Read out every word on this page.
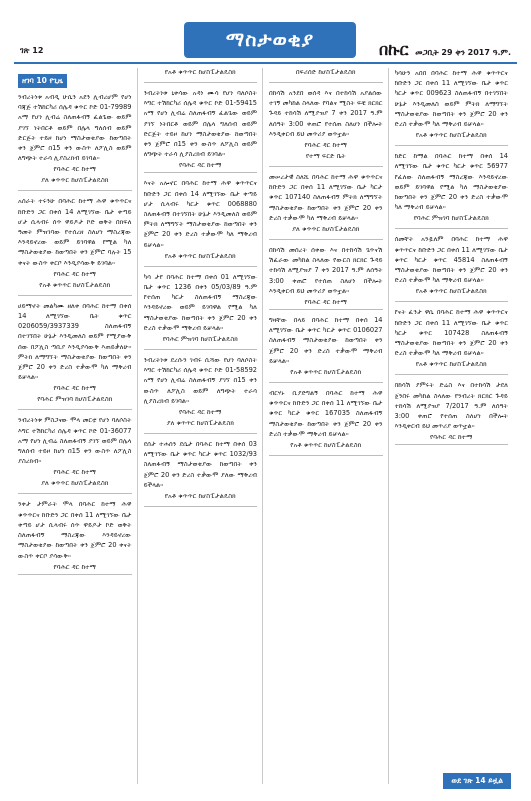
ገጽ 12	ማስታወቂያ	በኩር መጋቢት 29 ቀን 2017 ዓ.ም.
ዘገባ 10 የጊዜ

ንብረትነቱ አብዲ ሁሴን አደን ሊብረሆም የሆነ ባጃጅ ተሽከርካሪ ሰሌዳ ቁጥር ኮድ 01-79989 አማ የሆነ ሊብሬ ስለጠፋብኝ ፈልጌው ወይም ያገኘ ነትበርቶ ወይም በሌላ ግለሰብ ወይም ድርጅት ተይዞ ከሆነ ማስታወቂያው ከወጣበት ቀን ጀምሮ በ15 ቀን ውስጥ ለፖሊስ ወይም ለግጭት ተራሳ ሊያስረክብ ይገባል።

የባሕር ዳር ከተማ

ያለ ቁጥጥር ከሆስፒታልዴስክ

አሰራት ተሩንሁ በባሕር ከተማ ሕዋ ቁጥጥርና ከቡድን ጋር በቀሰ 14 ለሚገኘው ቤታ ቀጣይ ሆታ ሲላብሩ ሰጥ ዋይዶታ ኮድ ወቅት በክፍለ ዓመት ምዝገባው የተሰረዘ ስለሆነ ማስረጃው እንዳይኖረው ወይም ይገባዋል የሚል ካለ ማስታወቂያው ከወጣበት ቀን ጀምሮ ባሉት 15 ቀናት ውስጥ ቀርቦ እንዲያሳውቅ ይገባል።

የባሕር ዳር ከተማ

የአቶ ቁጥጥር ከሆስፒታልዴስክ

ሀይማኖት መልካሙ ዘለቀ በባሕር ከተማ በቀሰ 14 ለሚገኘው ቤት ቁጥር 0206059/3937339 ስለጠፋብኝ በተገኘበት ሁኔታ እንዲመለስ ወይም የሚያውቅ ሰው በፖሊስ ጣቢያ እንዲያሳውቅ እጠይቃለሁ። ምትክ ለማግኘት ማስታወቂያው ከወጣበት ቀን ጀምሮ 20 ቀን ድረስ ተቃውሞ ካለ ማቅረብ ይቻላል።

የባሕር ዳር ከተማ

የባሕር ምዝገባ ከሆስፒታልዴስክ

ንብረትነቱ ምስጋናው ሞላ መርቲ የሆነ ባለሶስት እግር ተሽከርካሪ ሰሌዳ ቁጥር ኮድ 01-36077 አማ የሆነ ሊብሬ ስለጠፋብኝ ያገኘ ወይም በሌላ ግለሰብ ተይዞ ከሆነ በ15 ቀን ውስጥ ለፖሊስ ያስረክብ።

የባሕር ዳር ከተማ

ያለ ቁጥጥር ከሆስፒታልዴስክ

ንቀታ ታምራት ሞላ በባሕር ከተማ ሕዋ ቁጥጥርና ከቡድን ጋር በቀሰ 11 ለሚገኘው ቤታ ቀጣይ ሆታ ሲላብሩ ሰጥ ዋይዶታ ኮድ ወቅት ስለጠፋብኝ ማስረጃው እንዳይኖረው ማስታወቂያው ከወጣበት ቀን ጀምሮ 20 ቀናት ውስጥ ቀርቦ ያሳውቅ።

የባሕር ዳር ከተማ

የአቶ ቁጥጥር ከሆስፒታልዴስክ

ንብረትነቱ ኒቀሳው አዳነ ሙሳ የሆነ ባለሶስት እግር ተሽከርካሪ ሰሌዳ ቁጥር ኮድ 01-59415 አማ የሆነ ሊብሬ ስለጠፋብኝ ፈልጌው ወይም ያገኘ ነትበርቶ ወይም በሌላ ግለሰብ ወይም ድርጅት ተይዞ ከሆነ ማስታወቂያው ከወጣበት ቀን ጀምሮ በ15 ቀን ውስጥ ለፖሊስ ወይም ለግጭት ተራሳ ሊያስረክብ ይገባል።

የባሕር ዳር ከተማ

እናት አሎኖር በባሕር ከተማ ሕዋ ቁጥጥርና ከቡድን ጋር በቀሰ 14 ለሚገኘው ቤታ ቀጣይ ሆታ ሲላብሩ ካርታ ቁጥር 0068880 ስለጠፋብኝ በተገኘበት ሁኔታ እንዲመለስ ወይም ምትክ ለማግኘት ማስታወቂያው ከወጣበት ቀን ጀምሮ 20 ቀን ድረስ ተቃውሞ ካለ ማቅረብ ይቻላል።

የአቶ ቁጥጥር ከሆስፒታልዴስክ

ካሳ ታየ በባሕር ከተማ በቀሰ 01 ለሚገኘው ቤታ ቁጥር 1236 በቀን 05/03/89 ዓ.ም የተሰጠ ካርታ ስለጠፋብኝ ማስረጃው እንዳይኖረው ወይም ይገባዋል የሚል ካለ ማስታወቂያው ከወጣበት ቀን ጀምሮ 20 ቀን ድረስ ተቃውሞ ማቅረብ ይቻላል።

የባሕር ምዝገባ ከሆስፒታልዴስክ

ንብረትነቱ ደረሱን ገብሩ ሲሻው የሆነ ባለሶስት እግር ተሽከርካሪ ሰሌዳ ቁጥር ኮድ 01-58592 አማ የሆነ ሊብሬ ስለጠፋብኝ ያገኘ በ15 ቀን ውስጥ ለፖሊስ ወይም ለግጭት ተራሳ ሊያስረክብ ይገባል።

የባሕር ዳር ከተማ

ያለ ቁጥጥር ከሆስፒታልዴስክ

ደሰታ ተሐሰን ደሴታ በባሕር ከተማ በቀሰ 03 ለሚገኘው ቤታ ቁጥር ካርታ ቁጥር 1032/93 ስለጠፋብኝ ማስታወቂያው ከወጣበት ቀን ጀምሮ 20 ቀን ድረስ ተቃውሞ ያለው ማቅረብ ይችላል።

የአቶ ቁጥጥር ከሆስፒታልዴስክ

በፍሪሰድ ከሆስፒታልዴስክ

በከሳሽ አንደበ ወሰዳ እና በተከሳሽ አያልሰው ተገኝ መካከል ስላለው የባልና ሚስት ፍቺ ክርክር ጉዳይ ተከሳሽ ለሚያዝያ 7 ቀን 2017 ዓ.ም ለሰዓት 3:00 ቀጠሮ የተሰጠ ስለሆነ በችሎት እንዲቀርብ ይህ መጥሪያ ወጥቷል።

የባሕር ዳር ከተማ

የተማ ፍርድ ቤት

መሠረታዊ ስለሺ በባሕር ከተማ ሕዋ ቁጥጥርና ከቡድን ጋር በቀሰ 11 ለሚገኘው ቤታ ካርታ ቁጥር 107140 ስለጠፋብኝ ምትክ ለማግኘት ማስታወቂያው ከወጣበት ቀን ጀምሮ 20 ቀን ድረስ ተቃውሞ ካለ ማቅረብ ይቻላል።

ያለ ቁጥጥር ከሆስፒታልዴስክ

በከሳሽ መሰረት ሰቀው እና በተከሳሽ ጌጥናሽ ሽፈራው መካከል ስላለው የውርስ ክርክር ጉዳይ ተከሳሽ ለሚያዝያ 7 ቀን 2017 ዓ.ም ለሰዓት 3:00 ቀጠሮ የተሰጠ ስለሆነ በችሎት እንዲቀርብ ይህ መጥሪያ ወጥቷል።

የባሕር ዳር ከተማ

ግዛቸው በላይ በባሕር ከተማ በቀሰ 14 ለሚገኘው ቤታ ቁጥር ካርታ ቁጥር 0106027 ስለጠፋብኝ ማስታወቂያው ከወጣበት ቀን ጀምሮ 20 ቀን ድረስ ተቃውሞ ማቅረብ ይቻላል።

የአቶ ቁጥጥር ከሆስፒታልዴስክ

ብርሃኑ ቢያድግልኝ በባሕር ከተማ ሕዋ ቁጥጥርና ከቡድን ጋር በቀሰ 11 ለሚገኘው ቤታ ቁጥር ካርታ ቁጥር 167035 ስለጠፋብኝ ማስታወቂያው ከወጣበት ቀን ጀምሮ 20 ቀን ድረስ ተቃውሞ ማቅረብ ይቻላል።

የአቶ ቁጥጥር ከሆስፒታልዴስክ

ካሳሁን አበበ በባሕር ከተማ ሕዋ ቁጥጥርና ከቡድን ጋር በቀሰ 11 ለሚገኘው ቤታ ቁጥር ካርታ ቁጥር 009623 ስለጠፋብኝ በተገኘበት ሁኔታ እንዲመለስ ወይም ምትክ ለማግኘት ማስታወቂያው ከወጣበት ቀን ጀምሮ 20 ቀን ድረስ ተቃውሞ ካለ ማቅረብ ይቻላል።

የአቶ ቁጥጥር ከሆስፒታልዴስክ

ከድር ከማል በባሕር ከተማ በቀሰ 14 ለሚገኘው ቤታ ቁጥር ካርታ ቁጥር 56977 የፈለው ስለጠፋብኝ ማስረጃው እንዳይኖረው ወይም ይገባዋል የሚል ካለ ማስታወቂያው ከወጣበት ቀን ጀምሮ 20 ቀን ድረስ ተቃውሞ ካለ ማቅረብ ይቻላል።

የባሕር ምዝገባ ከሆስፒታልዴስክ

ሰመቸት አንዷለም በባሕር ከተማ ሕዋ ቁጥጥርና ከቡድን ጋር በቀሰ 11 ለሚገኘው ቤታ ቁጥር ካርታ ቁጥር 45814 ስለጠፋብኝ ማስታወቂያው ከወጣበት ቀን ጀምሮ 20 ቀን ድረስ ተቃውሞ ካለ ማቅረብ ይቻላል።

የአቶ ቁጥጥር ከሆስፒታልዴስክ

የናት ፈንታ ዋሴ በባሕር ከተማ ሕዋ ቁጥጥርና ከቡድን ጋር በቀሰ 11 ለሚገኘው ቤታ ቁጥር ካርታ ቁጥር 107428 ስለጠፋብኝ ማስታወቂያው ከወጣበት ቀን ጀምሮ 20 ቀን ድረስ ተቃውሞ ካለ ማቅረብ ይቻላል።

የአቶ ቁጥጥር ከሆስፒታልዴስክ

በከሳሽ ያምሩት ድሬስ እና በተከሳሽ ታደለ ጀንበሩ መካከል ስላለው የንብረት ክርክር ጉዳይ ተከሳሽ ለሚያዝያ 7/2017 ዓ.ም ለሰዓት 3:00 ቀጠሮ የተሰጠ ስለሆነ በችሎት እንዲቀርብ ይህ መጥሪያ ወጥቷል።

የባሕር ዳር ከተማ

ወደ ገጽ 14 ይዟል
